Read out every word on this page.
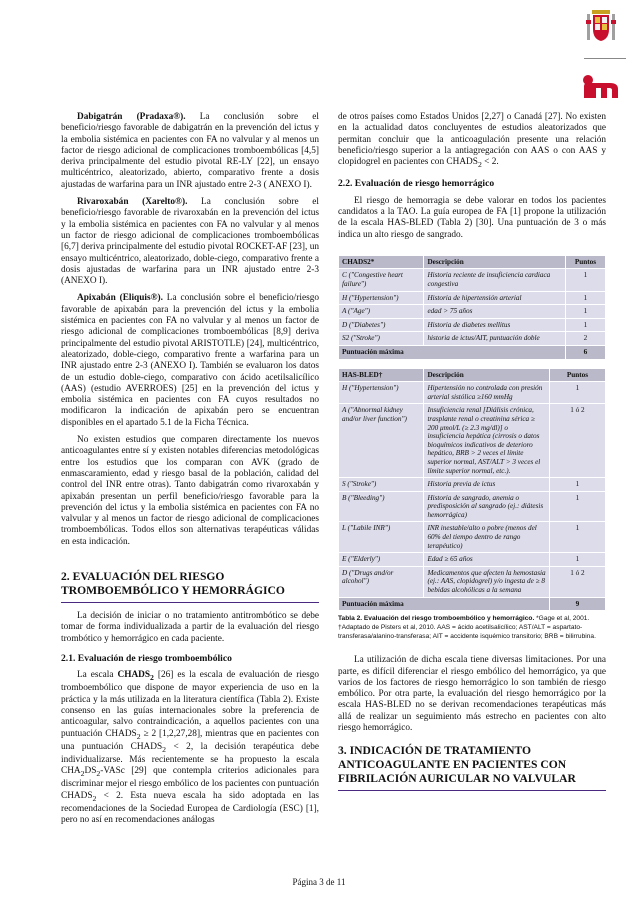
Dabigatrán (Pradaxa®). La conclusión sobre el beneficio/riesgo favorable de dabigatrán en la prevención del ictus y la embolia sistémica en pacientes con FA no valvular y al menos un factor de riesgo adicional de complicaciones tromboembólicas [4,5] deriva principalmente del estudio pivotal RE-LY [22], un ensayo multicéntrico, aleatorizado, abierto, comparativo frente a dosis ajustadas de warfarina para un INR ajustado entre 2-3 ( ANEXO I).

Rivaroxabán (Xarelto®). La conclusión sobre el beneficio/riesgo favorable de rivaroxabán en la prevención del ictus y la embolia sistémica en pacientes con FA no valvular y al menos un factor de riesgo adicional de complicaciones tromboembólicas [6,7] deriva principalmente del estudio pivotal ROCKET-AF [23], un ensayo multicéntrico, aleatorizado, doble-ciego, comparativo frente a dosis ajustadas de warfarina para un INR ajustado entre 2-3 (ANEXO I).

Apixabán (Eliquis®). La conclusión sobre el beneficio/riesgo favorable de apixabán para la prevención del ictus y la embolia sistémica en pacientes con FA no valvular y al menos un factor de riesgo adicional de complicaciones tromboembólicas [8,9] deriva principalmente del estudio pivotal ARISTOTLE) [24], multicéntrico, aleatorizado, doble-ciego, comparativo frente a warfarina para un INR ajustado entre 2-3 (ANEXO I). También se evaluaron los datos de un estudio doble-ciego, comparativo con ácido acetilsalicílico (AAS) (estudio AVERROES) [25] en la prevención del ictus y embolia sistémica en pacientes con FA cuyos resultados no modificaron la indicación de apixabán pero se encuentran disponibles en el apartado 5.1 de la Ficha Técnica.

No existen estudios que comparen directamente los nuevos anticoagulantes entre sí y existen notables diferencias metodológicas entre los estudios que los comparan con AVK (grado de enmascaramiento, edad y riesgo basal de la población, calidad del control del INR entre otras). Tanto dabigatrán como rivaroxabán y apixabán presentan un perfil beneficio/riesgo favorable para la prevención del ictus y la embolia sistémica en pacientes con FA no valvular y al menos un factor de riesgo adicional de complicaciones tromboembólicas. Todos ellos son alternativas terapéuticas válidas en esta indicación.

2. EVALUACIÓN DEL RIESGO
TROMBOEMBÓLICO Y HEMORRÁGICO

La decisión de iniciar o no tratamiento antitrombótico se debe tomar de forma individualizada a partir de la evaluación del riesgo trombótico y hemorrágico en cada paciente.

2.1. Evaluación de riesgo tromboembólico

La escala $CHADS_2$ [26] es la escala de evaluación de riesgo tromboembólico que dispone de mayor experiencia de uso en la práctica y la más utilizada en la literatura científica (Tabla 2). Existe consenso en las guías internacionales sobre la preferencia de anticoagular, salvo contraindicación, a aquellos pacientes con una puntuación $CHADS_2 \ge 2$ [1,2,27,28], mientras que en pacientes con una puntuación $CHADS_2 < 2$, la decisión terapéutica debe individualizarse. Más recientemente se ha propuesto la escala $CHA_2DS_2$-VASc [29] que contempla criterios adicionales para discriminar mejor el riesgo embólico de los pacientes con puntuación $CHADS_2 < 2$. Esta nueva escala ha sido adoptada en las recomendaciones de la Sociedad Europea de Cardiología (ESC) [1], pero no así en recomendaciones análogas

de otros países como Estados Unidos [2,27] o Canadá [27]. No existen en la actualidad datos concluyentes de estudios aleatorizados que permitan concluir que la anticoagulación presente una relación beneficio/riesgo superior a la antiagregación con AAS o con AAS y clopidogrel en pacientes con $CHADS_2 < 2$.

2.2. Evaluación de riesgo hemorrágico

El riesgo de hemorragia se debe valorar en todos los pacientes candidatos a la TAO. La guía europea de FA [1] propone la utilización de la escala HAS-BLED (Tabla 2) [30]. Una puntuación de 3 o más indica un alto riesgo de sangrado.

CHADS2*	Descripción	Puntos
C ("Congestive heart failure")	Historia reciente de insuficiencia cardiaca congestiva	1
H ("Hypertension")	Historia de hipertensión arterial	1
A ("Age")	edad > 75 años	1
D ("Diabetes")	Historia de diabetes mellitus	1
S2 ("Stroke")	historia de ictus/AIT, puntuación doble	2
Puntuación máxima		6
HAS-BLED†	Descripción	Puntos
H ("Hypertension")	Hipertensión no controlada con presión arterial sistólica ≥160 mmHg	1
A ("Abnormal kidney and/or liver function")	Insuficiencia renal [Diálisis crónica, trasplante renal o creatinina sérica ≥ 200 μmol/L (≥ 2.3 mg/dl)] o insuficiencia hepática (cirrosis o datos bioquímicos indicativos de deterioro hepático, BRB > 2 veces el límite superior normal, AST/ALT > 3 veces el límite superior normal, etc.).	1 ó 2
S ("Stroke")	Historia previa de ictus	1
B ("Bleeding")	Historia de sangrado, anemia o predisposición al sangrado (ej.: diátesis hemorrágica)	1
L ("Labile INR")	INR inestable/alto o pobre (menos del 60% del tiempo dentro de rango terapéutico)	1
E ("Elderly")	Edad ≥ 65 años	1
D ("Drugs and/or alcohol")	Medicamentos que afecten la hemostasia (ej.: AAS, clopidogrel) y/o ingesta de ≥ 8 bebidas alcohólicas a la semana	1 ó 2
Puntuación máxima		9
Tabla 2. Evaluación del riesgo tromboembólico y hemorrágico. *Gage et al, 2001. †Adaptado de Pisters et al, 2010. AAS = ácido acetilsalicílico; AST/ALT = aspartato-transferasa/alanino-transferasa; AIT = accidente isquémico transitorio; BRB = bilirrubina.

La utilización de dicha escala tiene diversas limitaciones. Por una parte, es difícil diferenciar el riesgo embólico del hemorrágico, ya que varios de los factores de riesgo hemorrágico lo son también de riesgo embólico. Por otra parte, la evaluación del riesgo hemorrágico por la escala HAS-BLED no se derivan recomendaciones terapéuticas más allá de realizar un seguimiento más estrecho en pacientes con alto riesgo hemorrágico.

3. INDICACIÓN DE TRATAMIENTO
ANTICOAGULANTE EN PACIENTES CON
FIBRILACIÓN AURICULAR NO VALVULAR
Página 3 de 11
